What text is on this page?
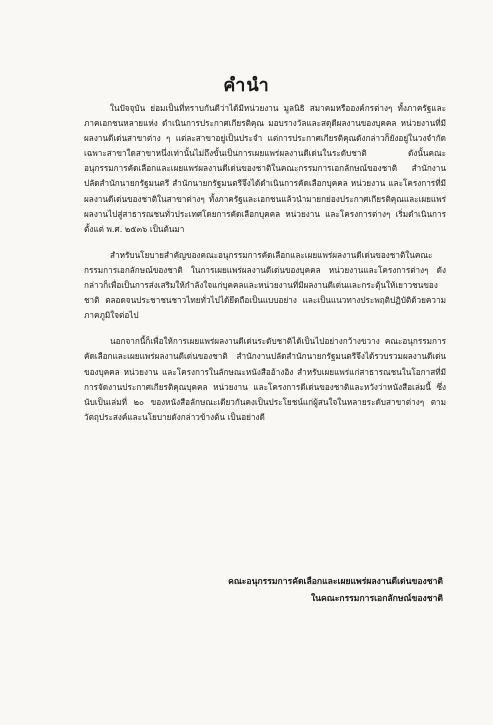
คำนำ

ในปัจจุบัน ย่อมเป็นที่ทราบกันดีว่าได้มีหน่วยงาน มูลนิธิ สมาคมหรือองค์กรต่างๆ ทั้งภาครัฐและภาคเอกชนหลายแห่ง ดำเนินการประกาศเกียรติคุณ มอบรางวัลและสดุดีผลงานของบุคคล หน่วยงานที่มีผลงานดีเด่นสาขาต่าง ๆ แต่ละสาขาอยู่เป็นประจำ แต่การประกาศเกียรติคุณดังกล่าวก็ยังอยู่ในวงจำกัด เฉพาะสาขาใดสาขาหนึ่งเท่านั้นไม่ถึงขั้นเป็นการเผยแพร่ผลงานดีเด่นในระดับชาติ ดังนั้นคณะอนุกรรมการคัดเลือกและเผยแพร่ผลงานดีเด่นของชาติในคณะกรรมการเอกลักษณ์ของชาติ สำนักงานปลัดสำนักนายกรัฐมนตรี สำนักนายกรัฐมนตรีจึงได้ดำเนินการคัดเลือกบุคคล หน่วยงาน และโครงการที่มีผลงานดีเด่นของชาติในสาขาต่างๆ ทั้งภาครัฐและเอกชนแล้วนำมายกย่องประกาศเกียรติคุณและเผยแพร่ผลงานไปสู่สาธารณชนทั่วประเทศโดยการคัดเลือกบุคคล หน่วยงาน และโครงการต่างๆ เริ่มดำเนินการตั้งแต่ พ.ศ. ๒๕๓๖ เป็นต้นมา

สำหรับนโยบายสำคัญของคณะอนุกรรมการคัดเลือกและเผยแพร่ผลงานดีเด่นของชาติในคณะกรรมการเอกลักษณ์ของชาติ ในการเผยแพร่ผลงานดีเด่นของบุคคล หน่วยงานและโครงการต่างๆ ดังกล่าวก็เพื่อเป็นการส่งเสริมให้กำลังใจแก่บุคคลและหน่วยงานที่มีผลงานดีเด่นและกระตุ้นให้เยาวชนของชาติ ตลอดจนประชาชนชาวไทยทั่วไปได้ยึดถือเป็นแบบอย่าง และเป็นแนวทางประพฤติปฏิบัติด้วยความภาคภูมิใจต่อไป

นอกจากนี้ก็เพื่อให้การเผยแพร่ผลงานดีเด่นระดับชาติได้เป็นไปอย่างกว้างขวาง คณะอนุกรรมการคัดเลือกและเผยแพร่ผลงานดีเด่นของชาติ สำนักงานปลัดสำนักนายกรัฐมนตรีจึงได้รวบรวมผลงานดีเด่นของบุคคล หน่วยงาน และโครงการในลักษณะหนังสืออ้างอิง สำหรับเผยแพร่แก่สาธารณชนในโอกาสที่มีการจัดงานประกาศเกียรติคุณบุคคล หน่วยงาน และโครงการดีเด่นของชาติและหวังว่าหนังสือเล่มนี้ ซึ่งนับเป็นเล่มที่ ๒๐ ของหนังสือลักษณะเดียวกันคงเป็นประโยชน์แก่ผู้สนใจในหลายระดับสาขาต่างๆ ตามวัตถุประสงค์และนโยบายดังกล่าวข้างต้น เป็นอย่างดี

คณะอนุกรรมการคัดเลือกและเผยแพร่ผลงานดีเด่นของชาติ
ในคณะกรรมการเอกลักษณ์ของชาติ
